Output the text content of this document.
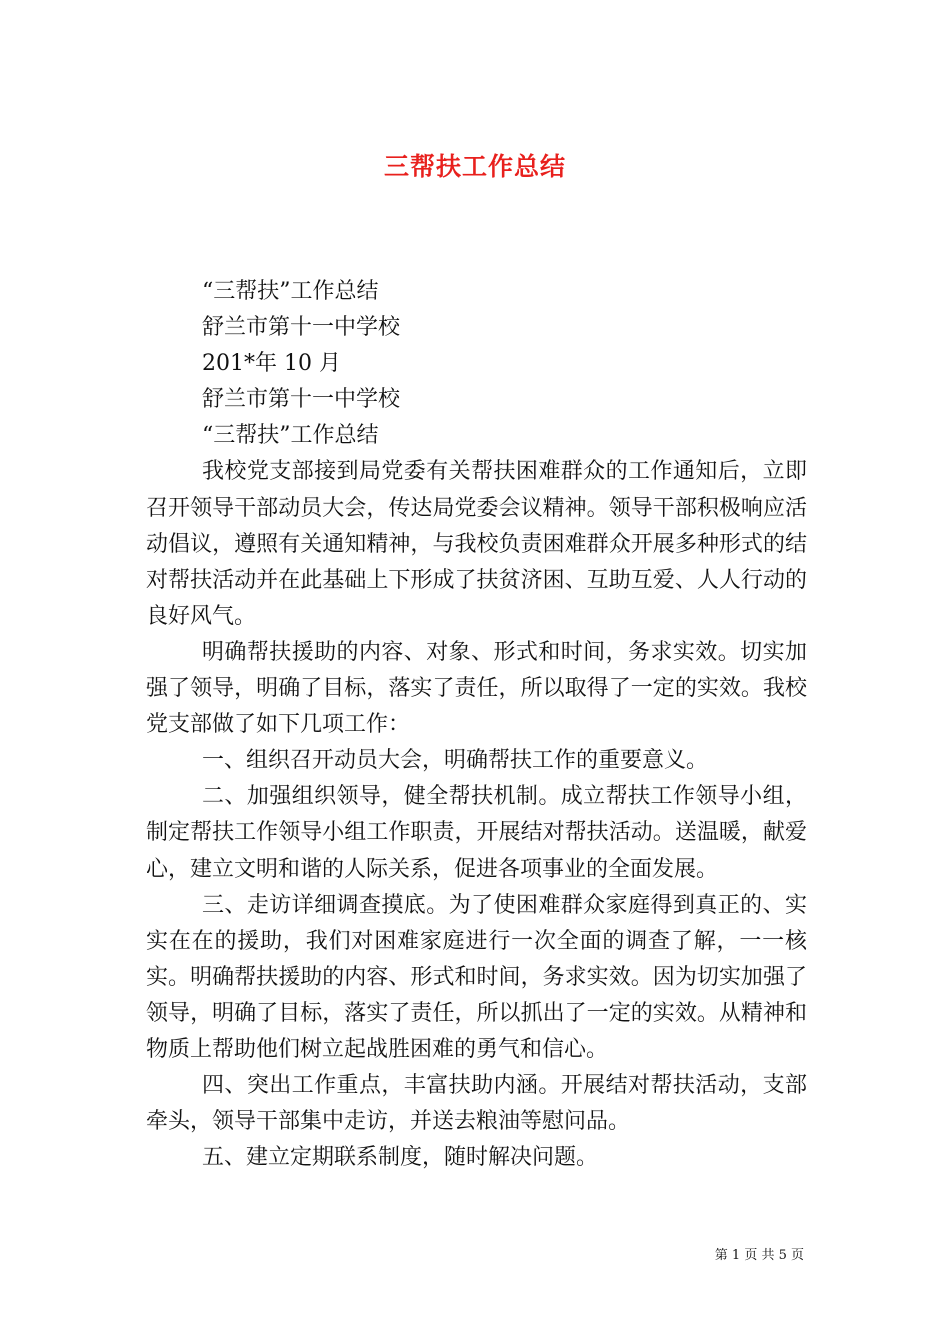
三帮扶工作总结

“三帮扶”工作总结

舒兰市第十一中学校

201*年 10 月

舒兰市第十一中学校

“三帮扶”工作总结

我校党支部接到局党委有关帮扶困难群众的工作通知后，立即召开领导干部动员大会，传达局党委会议精神。领导干部积极响应活动倡议，遵照有关通知精神，与我校负责困难群众开展多种形式的结对帮扶活动并在此基础上下形成了扶贫济困、互助互爱、人人行动的良好风气。

明确帮扶援助的内容、对象、形式和时间，务求实效。切实加强了领导，明确了目标，落实了责任，所以取得了一定的实效。我校党支部做了如下几项工作：

一、组织召开动员大会，明确帮扶工作的重要意义。

二、加强组织领导，健全帮扶机制。成立帮扶工作领导小组，制定帮扶工作领导小组工作职责，开展结对帮扶活动。送温暖，献爱心，建立文明和谐的人际关系，促进各项事业的全面发展。

三、走访详细调查摸底。为了使困难群众家庭得到真正的、实实在在的援助，我们对困难家庭进行一次全面的调查了解，一一核实。明确帮扶援助的内容、形式和时间，务求实效。因为切实加强了领导，明确了目标，落实了责任，所以抓出了一定的实效。从精神和物质上帮助他们树立起战胜困难的勇气和信心。

四、突出工作重点，丰富扶助内涵。开展结对帮扶活动，支部牵头，领导干部集中走访，并送去粮油等慰问品。

五、建立定期联系制度，随时解决问题。

第 1 页 共 5 页
